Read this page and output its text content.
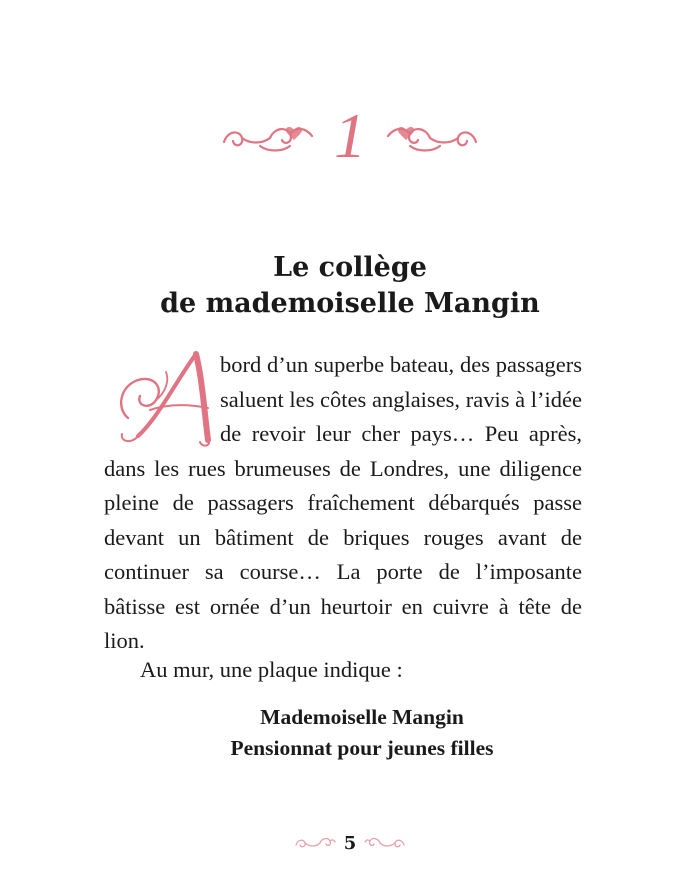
1
Le collège
de mademoiselle Mangin
bord d’un superbe bateau, des passagers saluent les côtes anglaises, ravis à l’idée de revoir leur cher pays… Peu après, dans les rues brumeuses de Londres, une diligence pleine de passagers fraîchement débarqués passe devant un bâtiment de briques rouges avant de continuer sa course… La porte de l’imposante bâtisse est ornée d’un heurtoir en cuivre à tête de lion.

Au mur, une plaque indique :

Mademoiselle Mangin
Pensionnat pour jeunes filles

5
